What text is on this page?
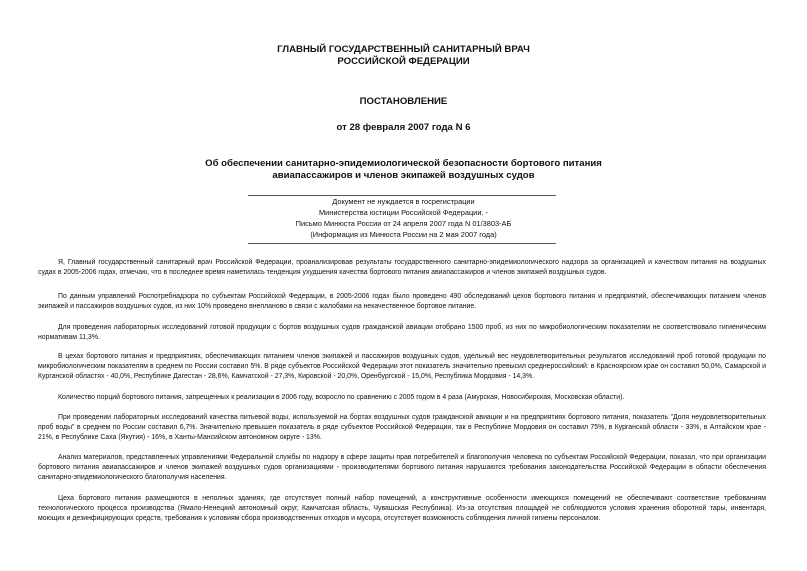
ГЛАВНЫЙ ГОСУДАРСТВЕННЫЙ САНИТАРНЫЙ ВРАЧ
РОССИЙСКОЙ ФЕДЕРАЦИИ
ПОСТАНОВЛЕНИЕ
от 28 февраля 2007 года N 6
Об обеспечении санитарно-эпидемиологической безопасности бортового питания
авиапассажиров и членов экипажей воздушных судов
Документ не нуждается в госрегистрации
Министерства юстиции Российской Федерации. -
Письмо Минюста России от 24 апреля 2007 года N 01/3803-АБ
(Информация из Минюста России на 2 мая 2007 года)

Я, Главный государственный санитарный врач Российской Федерации, проанализировав результаты государственного санитарно-эпидемиологического надзора за организацией и качеством питания на воздушных судах в 2005-2006 годах, отмечаю, что в последнее время наметилась тенденция ухудшения качества бортового питания авиапассажиров и членов экипажей воздушных судов.

По данным управлений Роспотребнадзора по субъектам Российской Федерации, в 2005-2006 годах было проведено 490 обследований цехов бортового питания и предприятий, обеспечивающих питанием членов экипажей и пассажиров воздушных судов, из них 10% проведено внепланово в связи с жалобами на некачественное бортовое питание.

Для проведения лабораторных исследований готовой продукции с бортов воздушных судов гражданской авиации отобрано 1500 проб, из них по микробиологическим показателям не соответствовало гигиеническим нормативам 11,3%.

В цехах бортового питания и предприятиях, обеспечивающих питанием членов экипажей и пассажиров воздушных судов, удельный вес неудовлетворительных результатов исследований проб готовой продукции по микробиологическим показателям в среднем по России составил 5%. В ряде субъектов Российской Федерации этот показатель значительно превысил среднероссийский: в Красноярском крае он составил 50,0%, Самарской и Курганской областях - 40,0%, Республике Дагестан - 28,6%, Камчатской - 27,3%, Кировской - 20,0%, Оренбургской - 15,0%, Республика Мордовия - 14,3%.

Количество порций бортового питания, запрещенных к реализации в 2006 году, возросло по сравнению с 2005 годом в 4 раза (Амурская, Новосибирская, Московская области).

При проведении лабораторных исследований качества питьевой воды, используемой на бортах воздушных судов гражданской авиации и на предприятиях бортового питания, показатель "Доля неудовлетворительных проб воды" в среднем по России составил 6,7%. Значительно превышен показатель в ряде субъектов Российской Федерации, так в Республике Мордовия он составил 75%, в Курганской области - 33%, в Алтайском крае - 21%, в Республике Саха (Якутия) - 16%, в Ханты-Мансийском автономном округе - 13%.

Анализ материалов, представленных управлениями Федеральной службы по надзору в сфере защиты прав потребителей и благополучия человека по субъектам Российской Федерации, показал, что при организации бортового питания авиапассажиров и членов экипажей воздушных судов организациями - производителями бортового питания нарушаются требования законодательства Российской Федерации в области обеспечения санитарно-эпидемиологического благополучия населения.

Цеха бортового питания размещаются в неполных зданиях, где отсутствует полный набор помещений, а конструктивные особенности имеющихся помещений не обеспечивают соответствие требованиям технологического процесса производства (Ямало-Ненецкий автономный округ, Камчатская область, Чувашская Республика). Из-за отсутствия площадей не соблюдаются условия хранения оборотной тары, инвентаря, моющих и дезинфицирующих средств, требования к условиям сбора производственных отходов и мусора, отсутствует возможность соблюдения личной гигиены персоналом.
